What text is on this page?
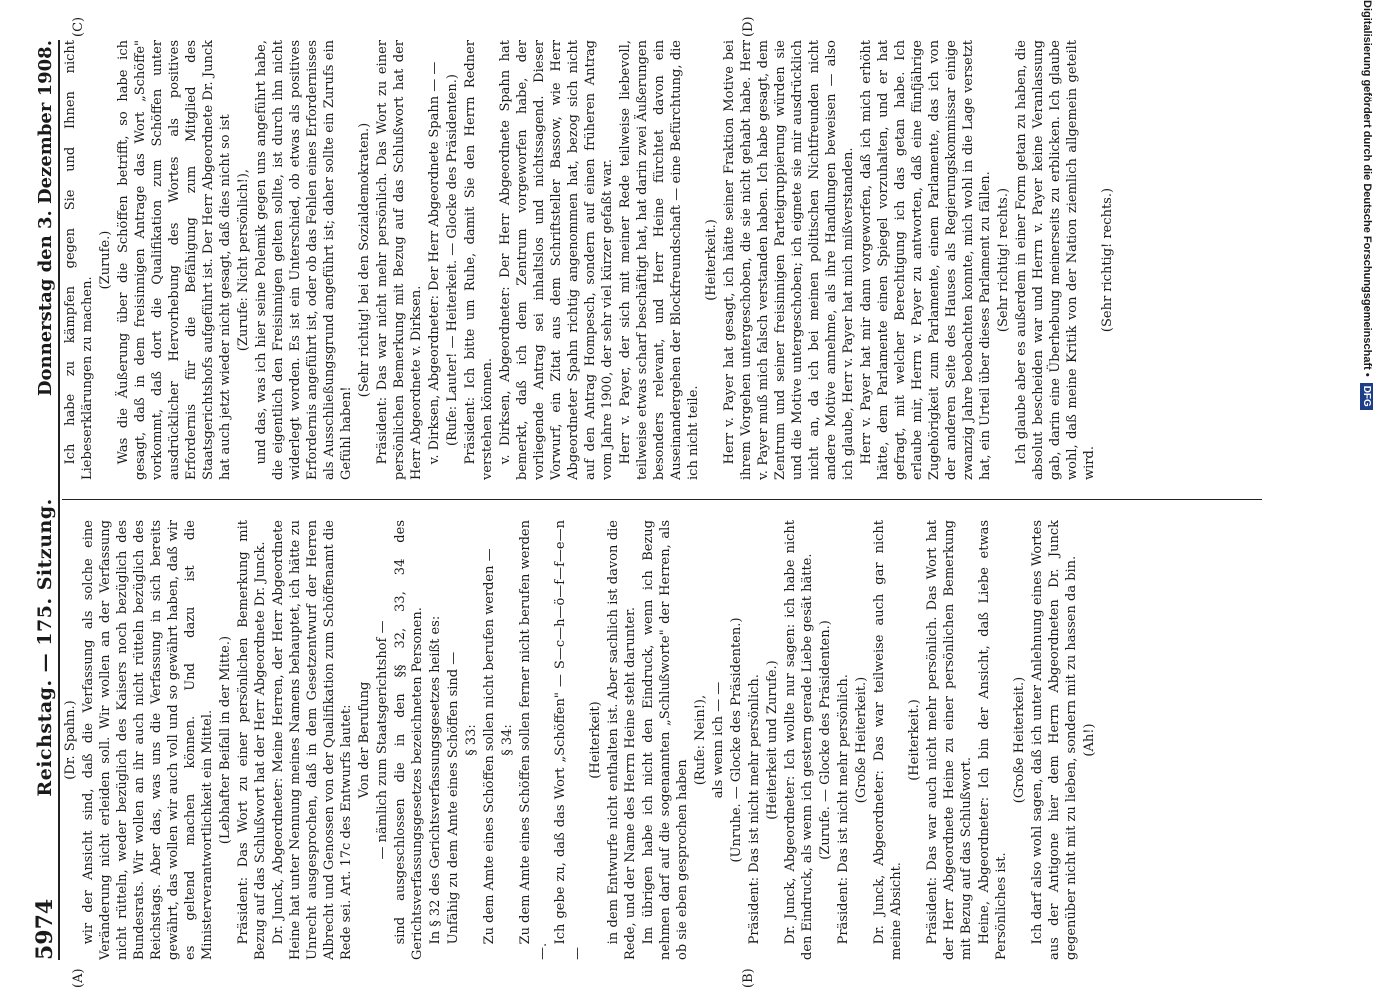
5974
Reichstag. — 175. Sitzung.
Donnerstag den 3. Dezember 1908.
(A)	(B)
(C)	(D)

(Dr. Spahn.) wir der Ansicht sind, daß die Verfassung als solche eine Veränderung nicht erleiden soll. Wir wollen an der Verfassung nicht rütteln, weder bezüglich des Kaisers noch bezüglich des Bundesrats. Wir wollen an ihr auch nicht rütteln bezüglich des Reichstags. Aber das, was uns die Verfassung in sich bereits gewährt, das wollen wir auch voll und so gewährt haben, daß wir es geltend machen können. Und dazu ist die Ministerverantwortlichkeit ein Mittel. (Lebhafter Beifall in der Mitte.) Präsident: Das Wort zu einer persönlichen Bemerkung mit Bezug auf das Schlußwort hat der Herr Abgeordnete Dr. Junck. Dr. Junck, Abgeordneter: Meine Herren, der Herr Abgeordnete Heine hat unter Nennung meines Namens behauptet, ich hätte zu Unrecht ausgesprochen, daß in dem Gesetzentwurf der Herren Albrecht und Genossen von der Qualifikation zum Schöffenamt die Rede sei. Art. 17c des Entwurfs lautet: Von der Berufung — nämlich zum Staatsgerichtshof — sind ausgeschlossen die in den §§ 32, 33, 34 des Gerichtsverfassungsgesetzes bezeichneten Personen. In § 32 des Gerichtsverfassungsgesetzes heißt es: Unfähig zu dem Amte eines Schöffen sind — § 33: Zu dem Amte eines Schöffen sollen nicht berufen werden — § 34: Zu dem Amte eines Schöffen sollen ferner nicht berufen werden —.

Ich gebe zu, daß das Wort „Schöffen" — S—c—h—ö—f—f—e—n —

(Heiterkeit) in dem Entwurfe nicht enthalten ist. Aber sachlich ist davon die Rede, und der Name des Herrn Heine steht darunter. Im übrigen habe ich nicht den Eindruck, wenn ich Bezug nehmen darf auf die sogenannten „Schlußworte" der Herren, als ob sie eben gesprochen haben

(Rufe: Nein!), als wenn ich — — (Unruhe. — Glocke des Präsidenten.) Präsident: Das ist nicht mehr persönlich. (Heiterkeit und Zurufe.) Dr. Junck, Abgeordneter: Ich wollte nur sagen: ich habe nicht den Eindruck, als wenn ich gestern gerade Liebe gesät hätte. (Zurufe. — Glocke des Präsidenten.) Präsident: Das ist nicht mehr persönlich. (Große Heiterkeit.) Dr. Junck, Abgeordneter: Das war teilweise auch gar nicht meine Absicht.

(Heiterkeit.) Präsident: Das war auch nicht mehr persönlich. Das Wort hat der Herr Abgeordnete Heine zu einer persönlichen Bemerkung mit Bezug auf das Schlußwort. Heine, Abgeordneter: Ich bin der Ansicht, daß Liebe etwas Persönliches ist.

(Große Heiterkeit.) Ich darf also wohl sagen, daß ich unter Anlehnung eines Wortes aus der Antigone hier dem Herrn Abgeordneten Dr. Junck gegenüber nicht mit zu lieben, sondern mit zu hassen da bin. (Ah!)

Ich habe zu kämpfen gegen Sie und Ihnen nicht Liebeserklärungen zu machen.

(Zurufe.) Was die Äußerung über die Schöffen betrifft, so habe ich gesagt, daß in dem freisinnigen Antrage das Wort „Schöffe" vorkommt, daß dort die Qualifikation zum Schöffen unter ausdrücklicher Hervorhebung des Wortes als positives Erfordernis für die Befähigung zum Mitglied des Staatsgerichtshofs aufgeführt ist. Der Herr Abgeordnete Dr. Junck hat auch jetzt wieder nicht gesagt, daß dies nicht so ist (Zurufe: Nicht persönlich!), und das, was ich hier seine Polemik gegen uns angeführt habe, die eigentlich den Freisinnigen gelten sollte, ist durch ihn nicht widerlegt worden. Es ist ein Unterschied, ob etwas als positives Erfordernis angeführt ist, oder ob das Fehlen eines Erfordernisses als Ausschließungsgrund angeführt ist; daher sollte ein Zurufs ein Gefühl haben!

(Sehr richtig! bei den Sozialdemokraten.) Präsident: Das war nicht mehr persönlich. Das Wort zu einer persönlichen Bemerkung mit Bezug auf das Schlußwort hat der Herr Abgeordnete v. Dirksen. v. Dirksen, Abgeordneter: Der Herr Abgeordnete Spahn — — (Rufe: Lauter! — Heiterkeit. — Glocke des Präsidenten.) Präsident: Ich bitte um Ruhe, damit Sie den Herrn Redner verstehen können. v. Dirksen, Abgeordneter: Der Herr Abgeordnete Spahn hat bemerkt, daß ich dem Zentrum vorgeworfen habe, der vorliegende Antrag sei inhaltslos und nichtssagend. Dieser Vorwurf, ein Zitat aus dem Schriftsteller Bassow, wie Herr Abgeordneter Spahn richtig angenommen hat, bezog sich nicht auf den Antrag Hompesch, sondern auf einen früheren Antrag vom Jahre 1900, der sehr viel kürzer gefaßt war. Herr v. Payer, der sich mit meiner Rede teilweise liebevoll, teilweise etwas scharf beschäftigt hat, hat darin zwei Äußerungen besonders relevant, und Herr Heine fürchtet davon ein Auseinandergehen der Blockfreundschaft — eine Befürchtung, die ich nicht teile.

(Heiterkeit.) Herr v. Payer hat gesagt, ich hätte seiner Fraktion Motive bei ihrem Vorgehen untergeschoben, die sie nicht gehabt habe. Herr v. Payer muß mich falsch verstanden haben. Ich habe gesagt, dem Zentrum und seiner freisinnigen Parteigruppierung würden sie und die Motive untergeschoben; ich eignete sie mir ausdrücklich nicht an, da ich bei meinen politischen Nichtfreunden nicht andere Motive annehme, als ihre Handlungen beweisen — also ich glaube, Herr v. Payer hat mich mißverstanden. Herr v. Payer hat mir dann vorgeworfen, daß ich mich erhöht hätte, dem Parlamente einen Spiegel vorzuhalten, und er hat gefragt, mit welcher Berechtigung ich das getan habe. Ich erlaube mir, Herrn v. Payer zu antworten, daß eine fünfjährige Zugehörigkeit zum Parlamente, einem Parlamente, das ich von der anderen Seite des Hauses als Regierungskommissar einige zwanzig Jahre beobachten konnte, mich wohl in die Lage versetzt hat, ein Urteil über dieses Parlament zu fällen. (Sehr richtig! rechts.) Ich glaube aber es außerdem in einer Form getan zu haben, die absolut bescheiden war und Herrn v. Payer keine Veranlassung gab, darin eine Überhebung meinerseits zu erblicken. Ich glaube wohl, daß meine Kritik von der Nation ziemlich allgemein geteilt wird.

(Sehr richtig! rechts.)	Digitalisierung gefördert durch die Deutsche Forschungsgemeinschaft •
DFG
